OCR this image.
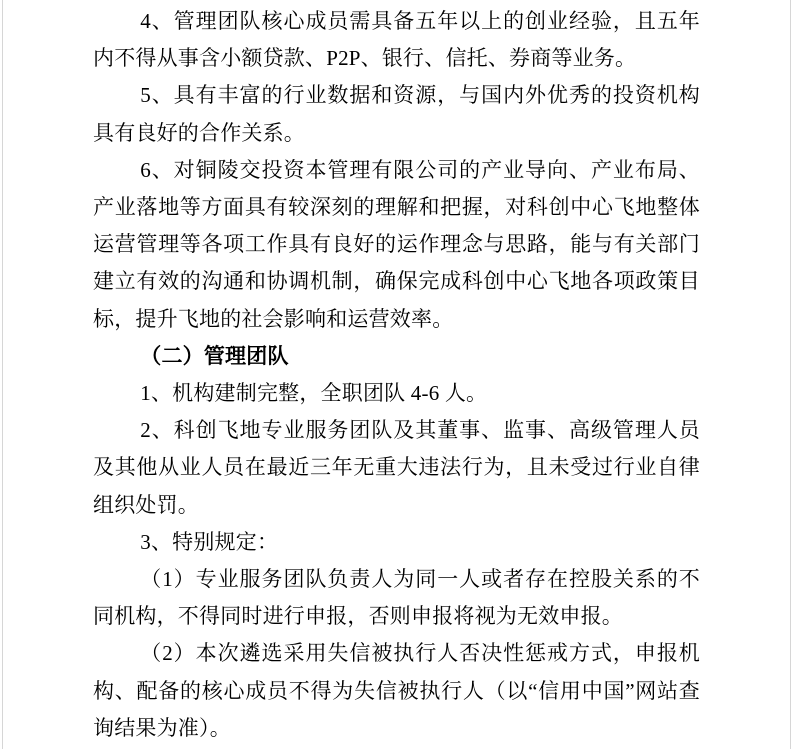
4、管理团队核心成员需具备五年以上的创业经验，且五年内不得从事含小额贷款、P2P、银行、信托、券商等业务。

5、具有丰富的行业数据和资源，与国内外优秀的投资机构具有良好的合作关系。

6、对铜陵交投资本管理有限公司的产业导向、产业布局、产业落地等方面具有较深刻的理解和把握，对科创中心飞地整体运营管理等各项工作具有良好的运作理念与思路，能与有关部门建立有效的沟通和协调机制，确保完成科创中心飞地各项政策目标，提升飞地的社会影响和运营效率。

（二）管理团队

1、机构建制完整，全职团队 4-6 人。

2、科创飞地专业服务团队及其董事、监事、高级管理人员及其他从业人员在最近三年无重大违法行为，且未受过行业自律组织处罚。

3、特别规定：

（1）专业服务团队负责人为同一人或者存在控股关系的不同机构，不得同时进行申报，否则申报将视为无效申报。

（2）本次遴选采用失信被执行人否决性惩戒方式，申报机构、配备的核心成员不得为失信被执行人（以“信用中国”网站查询结果为准）。
